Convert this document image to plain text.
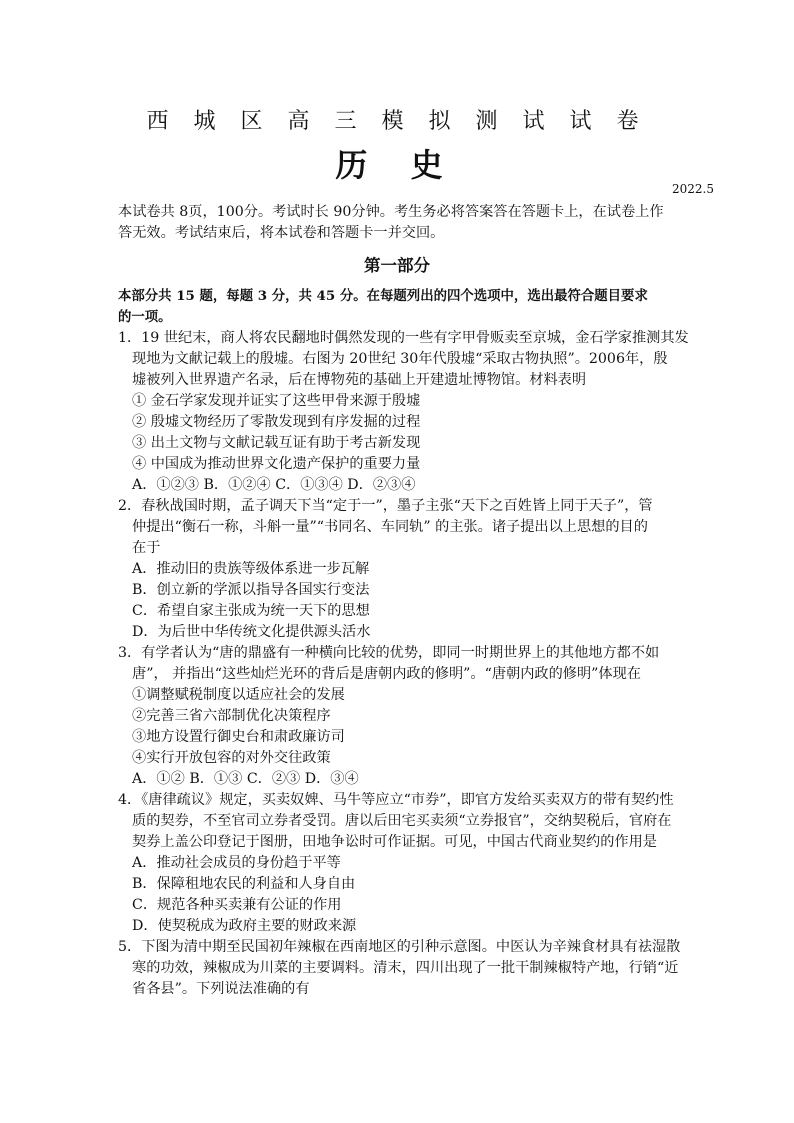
西 城 区 高 三 模 拟 测 试 试 卷
历 史
2022.5
本试卷共 8页，100分。考试时长 90分钟。考生务必将答案答在答题卡上，在试卷上作
答无效。考试结束后，将本试卷和答题卡一并交回。
第一部分
本部分共 15 题，每题 3 分，共 45 分。在每题列出的四个选项中，选出最符合题目要求
的一项。
1．19 世纪末，商人将农民翻地时偶然发现的一些有字甲骨贩卖至京城，金石学家推测其发
现地为文献记载上的殷墟。右图为 20世纪 30年代殷墟“采取古物执照”。2006年，殷
墟被列入世界遗产名录，后在博物苑的基础上开建遗址博物馆。材料表明
① 金石学家发现并证实了这些甲骨来源于殷墟
② 殷墟文物经历了零散发现到有序发掘的过程
③ 出土文物与文献记载互证有助于考古新发现
④ 中国成为推动世界文化遗产保护的重要力量
A．①②③ B．①②④ C．①③④ D．②③④
2．春秋战国时期，孟子调天下当“定于一”，墨子主张“天下之百姓皆上同于天子”，管
仲提出“衡石一称，斗斛一量”“书同名、车同轨” 的主张。诸子提出以上思想的目的
在于
A．推动旧的贵族等级体系进一步瓦解
B．创立新的学派以指导各国实行变法
C．希望自家主张成为统一天下的思想
D．为后世中华传统文化提供源头活水
3．有学者认为“唐的鼎盛有一种横向比较的优势，即同一时期世界上的其他地方都不如
唐”， 并指出“这些灿烂光环的背后是唐朝内政的修明”。“唐朝内政的修明”体现在
①调整赋税制度以适应社会的发展
②完善三省六部制优化决策程序
③地方设置行御史台和肃政廉访司
④实行开放包容的对外交往政策
A．①② B．①③ C．②③ D．③④
4．《唐律疏议》规定，买卖奴婢、马牛等应立“市券”，即官方发给买卖双方的带有契约性
质的契券，不至官司立券者受罚。唐以后田宅买卖须“立券报官”，交纳契税后，官府在
契券上盖公印登记于图册，田地争讼时可作证据。可见，中国古代商业契约的作用是
A．推动社会成员的身份趋于平等
B．保障租地农民的利益和人身自由
C．规范各种买卖兼有公证的作用
D．使契税成为政府主要的财政来源
5．下图为清中期至民国初年辣椒在西南地区的引种示意图。中医认为辛辣食材具有祛湿散
寒的功效，辣椒成为川菜的主要调料。清末，四川出现了一批干制辣椒特产地，行销“近
省各县”。下列说法准确的有
